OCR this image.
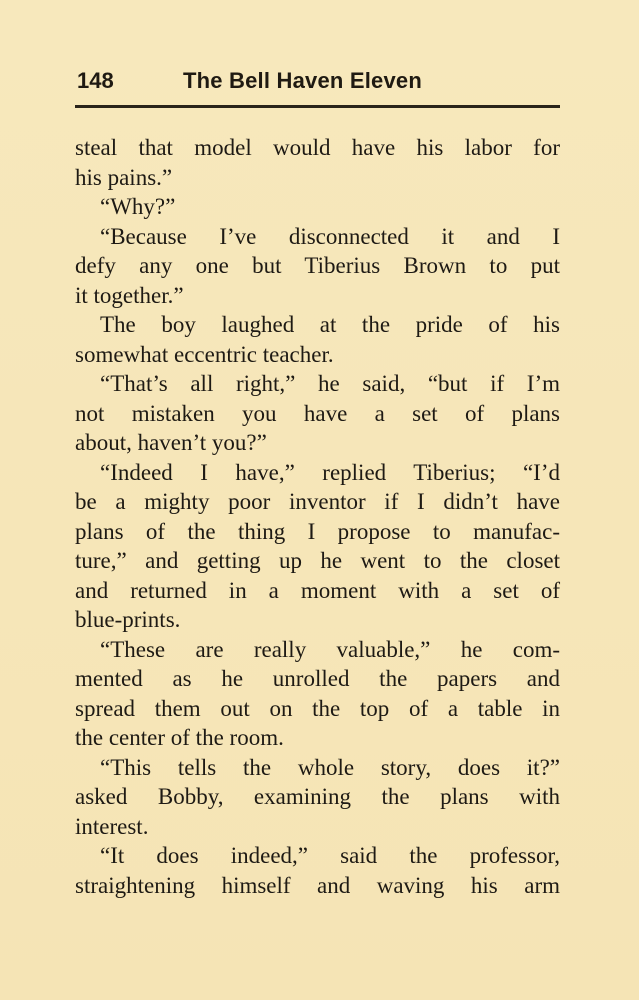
148	The Bell Haven Eleven
steal that model would have his labor for
his pains.”
“Why?”
“Because I’ve disconnected it and I
defy any one but Tiberius Brown to put
it together.”
The boy laughed at the pride of his
somewhat eccentric teacher.
“That’s all right,” he said, “but if I’m
not mistaken you have a set of plans
about, haven’t you?”
“Indeed I have,” replied Tiberius; “I’d
be a mighty poor inventor if I didn’t have
plans of the thing I propose to manufac-
ture,” and getting up he went to the closet
and returned in a moment with a set of
blue-prints.
“These are really valuable,” he com-
mented as he unrolled the papers and
spread them out on the top of a table in
the center of the room.
“This tells the whole story, does it?”
asked Bobby, examining the plans with
interest.
“It does indeed,” said the professor,
straightening himself and waving his arm
